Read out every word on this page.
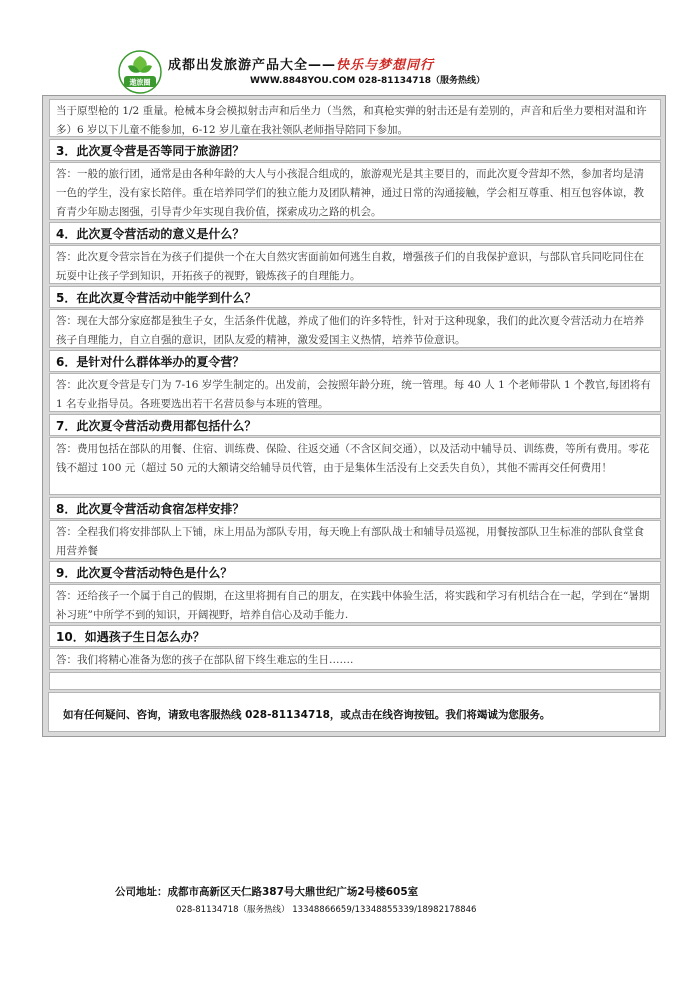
遨旅圈
成都出发旅游产品大全——快乐与梦想同行
WWW.8848YOU.COM 028-81134718（服务热线）
当于原型枪的 1/2 重量。枪械本身会模拟射击声和后坐力（当然，和真枪实弹的射击还是有差别的，声音和后坐力要相对温和许多）6 岁以下儿童不能参加，6-12 岁儿童在我社领队老师指导陪同下参加。
3．此次夏令营是否等同于旅游团？
答：一般的旅行团，通常是由各种年龄的大人与小孩混合组成的，旅游观光是其主要目的，而此次夏令营却不然，参加者均是清一色的学生，没有家长陪伴。重在培养同学们的独立能力及团队精神，通过日常的沟通接触，学会相互尊重、相互包容体谅，教育青少年励志图强，引导青少年实现自我价值，探索成功之路的机会。
4．此次夏令营活动的意义是什么？
答：此次夏令营宗旨在为孩子们提供一个在大自然灾害面前如何逃生自救，增强孩子们的自我保护意识，与部队官兵同吃同住在玩耍中让孩子学到知识，开拓孩子的视野，锻炼孩子的自理能力。
5．在此次夏令营活动中能学到什么？
答：现在大部分家庭都是独生子女，生活条件优越，养成了他们的许多特性，针对于这种现象，我们的此次夏令营活动力在培养孩子自理能力，自立自强的意识，团队友爱的精神，激发爱国主义热情，培养节俭意识。
6．是针对什么群体举办的夏令营？
答：此次夏令营是专门为 7-16 岁学生制定的。出发前，会按照年龄分班，统一管理。每 40 人 1 个老师带队 1 个教官,每团将有 1 名专业指导员。各班要选出若干名营员参与本班的管理。
7．此次夏令营活动费用都包括什么？
答：费用包括在部队的用餐、住宿、训练费、保险、往返交通（不含区间交通），以及活动中辅导员、训练费，等所有费用。零花钱不超过 100 元（超过 50 元的大额请交给辅导员代管，由于是集体生活没有上交丢失自负），其他不需再交任何费用！
8．此次夏令营活动食宿怎样安排？
答：全程我们将安排部队上下铺，床上用品为部队专用，每天晚上有部队战士和辅导员巡视，用餐按部队卫生标准的部队食堂食用营养餐
9．此次夏令营活动特色是什么？
答：还给孩子一个属于自己的假期，在这里将拥有自己的朋友，在实践中体验生活，将实践和学习有机结合在一起，学到在“暑期补习班”中所学不到的知识，开阔视野，培养自信心及动手能力.
10．如遇孩子生日怎么办？
答：我们将精心准备为您的孩子在部队留下终生难忘的生日…….
如有任何疑问、咨询，请致电客服热线 028-81134718，或点击在线咨询按钮。我们将竭诚为您服务。
公司地址：成都市高新区天仁路387号大鼎世纪广场2号楼605室
028-81134718（服务热线） 13348866659/13348855339/18982178846
